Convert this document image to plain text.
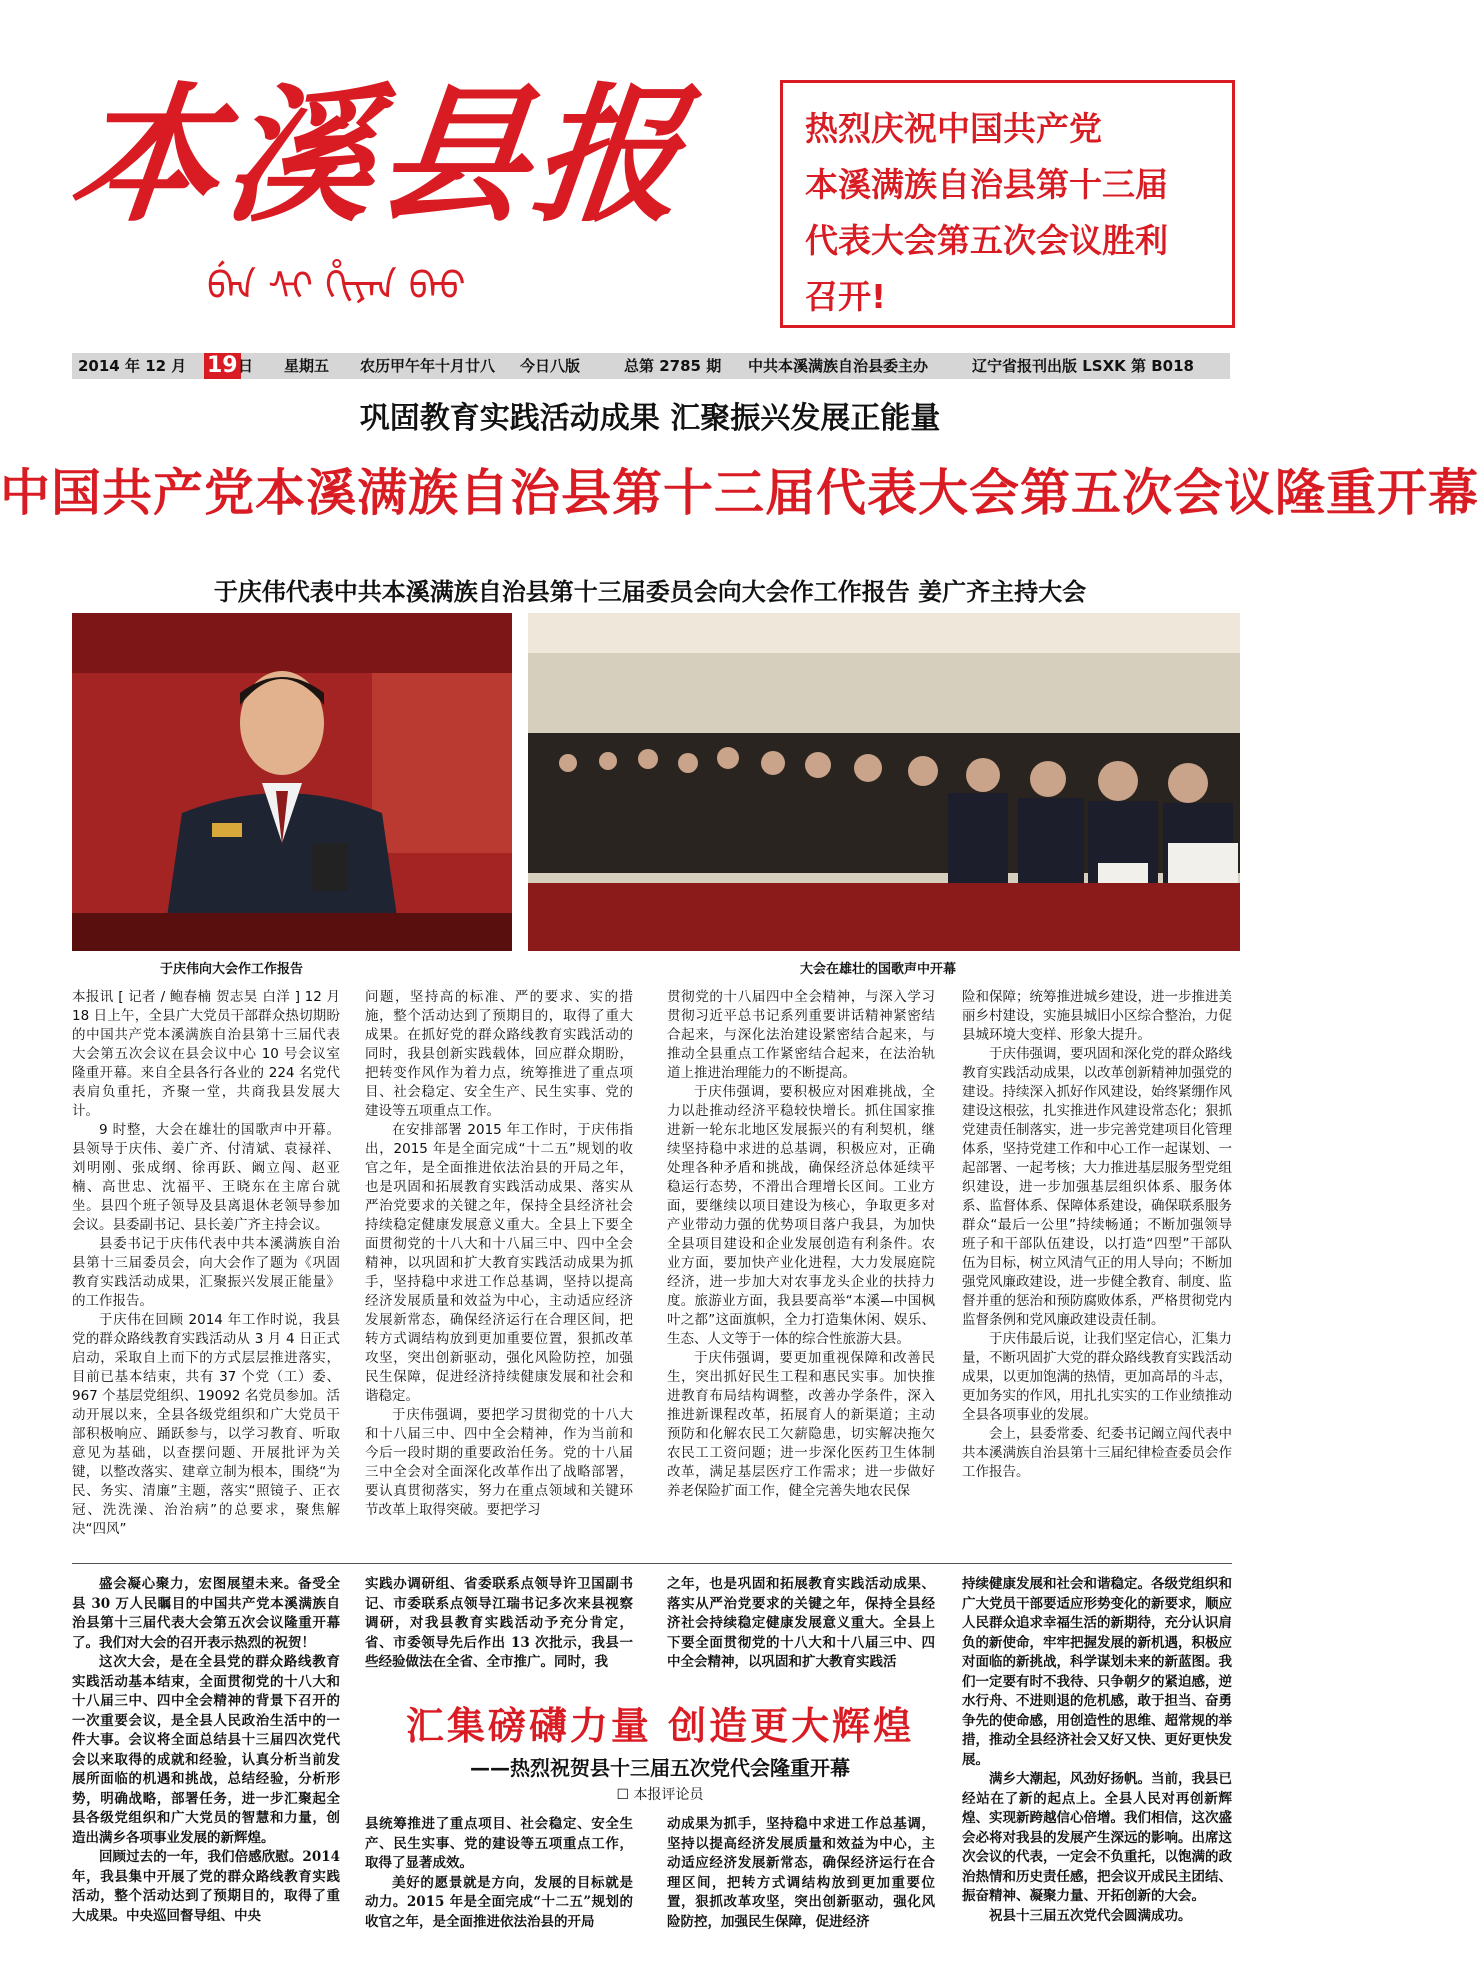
本溪县报
ᠪᡝᠨ ᠰᡳ ᡥᡳᠶᠠᠨ ᠪᠠᠣ

热烈庆祝中国共产党

本溪满族自治县第十三届

代表大会第五次会议胜利

召开!

2014 年 12 月 19 日 星期五 农历甲午年十月廿八 今日八版	总第 2785 期 中共本溪满族自治县委主办	辽宁省报刊出版 LSXK 第 B018
巩固教育实践活动成果 汇聚振兴发展正能量
中国共产党本溪满族自治县第十三届代表大会第五次会议隆重开幕
于庆伟代表中共本溪满族自治县第十三届委员会向大会作工作报告 姜广齐主持大会
于庆伟向大会作工作报告	大会在雄壮的国歌声中开幕

本报讯 [ 记者 / 鲍春楠 贺志昊 白洋 ] 12 月 18 日上午，全县广大党员干部群众热切期盼的中国共产党本溪满族自治县第十三届代表大会第五次会议在县会议中心 10 号会议室隆重开幕。来自全县各行各业的 224 名党代表肩负重托，齐聚一堂，共商我县发展大计。

9 时整，大会在雄壮的国歌声中开幕。县领导于庆伟、姜广齐、付清斌、袁禄祥、刘明刚、张成纲、徐再跃、阚立闯、赵亚楠、高世忠、沈福平、王晓东在主席台就坐。县四个班子领导及县离退休老领导参加会议。县委副书记、县长姜广齐主持会议。

县委书记于庆伟代表中共本溪满族自治县第十三届委员会，向大会作了题为《巩固教育实践活动成果，汇聚振兴发展正能量》的工作报告。

于庆伟在回顾 2014 年工作时说，我县党的群众路线教育实践活动从 3 月 4 日正式启动，采取自上而下的方式层层推进落实，目前已基本结束，共有 37 个党（工）委、967 个基层党组织、19092 名党员参加。活动开展以来，全县各级党组织和广大党员干部积极响应、踊跃参与，以学习教育、听取意见为基础，以查摆问题、开展批评为关键，以整改落实、建章立制为根本，围绕“为民、务实、清廉”主题，落实“照镜子、正衣冠、洗洗澡、治治病”的总要求，聚焦解决“四风”

问题，坚持高的标准、严的要求、实的措施，整个活动达到了预期目的，取得了重大成果。在抓好党的群众路线教育实践活动的同时，我县创新实践载体，回应群众期盼，把转变作风作为着力点，统筹推进了重点项目、社会稳定、安全生产、民生实事、党的建设等五项重点工作。

在安排部署 2015 年工作时，于庆伟指出，2015 年是全面完成“十二五”规划的收官之年，是全面推进依法治县的开局之年，也是巩固和拓展教育实践活动成果、落实从严治党要求的关键之年，保持全县经济社会持续稳定健康发展意义重大。全县上下要全面贯彻党的十八大和十八届三中、四中全会精神，以巩固和扩大教育实践活动成果为抓手，坚持稳中求进工作总基调，坚持以提高经济发展质量和效益为中心，主动适应经济发展新常态，确保经济运行在合理区间，把转方式调结构放到更加重要位置，狠抓改革攻坚，突出创新驱动，强化风险防控，加强民生保障，促进经济持续健康发展和社会和谐稳定。

于庆伟强调，要把学习贯彻党的十八大和十八届三中、四中全会精神，作为当前和今后一段时期的重要政治任务。党的十八届三中全会对全面深化改革作出了战略部署，要认真贯彻落实，努力在重点领域和关键环节改革上取得突破。要把学习

贯彻党的十八届四中全会精神，与深入学习贯彻习近平总书记系列重要讲话精神紧密结合起来，与深化法治建设紧密结合起来，与推动全县重点工作紧密结合起来，在法治轨道上推进治理能力的不断提高。

于庆伟强调，要积极应对困难挑战，全力以赴推动经济平稳较快增长。抓住国家推进新一轮东北地区发展振兴的有利契机，继续坚持稳中求进的总基调，积极应对，正确处理各种矛盾和挑战，确保经济总体延续平稳运行态势，不滑出合理增长区间。工业方面，要继续以项目建设为核心，争取更多对产业带动力强的优势项目落户我县，为加快全县项目建设和企业发展创造有利条件。农业方面，要加快产业化进程，大力发展庭院经济，进一步加大对农事龙头企业的扶持力度。旅游业方面，我县要高举“本溪—中国枫叶之都”这面旗帜，全力打造集休闲、娱乐、生态、人文等于一体的综合性旅游大县。

于庆伟强调，要更加重视保障和改善民生，突出抓好民生工程和惠民实事。加快推进教育布局结构调整，改善办学条件，深入推进新课程改革，拓展育人的新渠道；主动预防和化解农民工欠薪隐患，切实解决拖欠农民工工资问题；进一步深化医药卫生体制改革，满足基层医疗工作需求；进一步做好养老保险扩面工作，健全完善失地农民保

险和保障；统筹推进城乡建设，进一步推进美丽乡村建设，实施县城旧小区综合整治，力促县城环境大变样、形象大提升。

于庆伟强调，要巩固和深化党的群众路线教育实践活动成果，以改革创新精神加强党的建设。持续深入抓好作风建设，始终紧绷作风建设这根弦，扎实推进作风建设常态化；狠抓党建责任制落实，进一步完善党建项目化管理体系，坚持党建工作和中心工作一起谋划、一起部署、一起考核；大力推进基层服务型党组织建设，进一步加强基层组织体系、服务体系、监督体系、保障体系建设，确保联系服务群众“最后一公里”持续畅通；不断加强领导班子和干部队伍建设，以打造“四型”干部队伍为目标，树立风清气正的用人导向；不断加强党风廉政建设，进一步健全教育、制度、监督并重的惩治和预防腐败体系，严格贯彻党内监督条例和党风廉政建设责任制。

于庆伟最后说，让我们坚定信心，汇集力量，不断巩固扩大党的群众路线教育实践活动成果，以更加饱满的热情，更加高昂的斗志，更加务实的作风，用扎扎实实的工作业绩推动全县各项事业的发展。

会上，县委常委、纪委书记阚立闯代表中共本溪满族自治县第十三届纪律检查委员会作工作报告。

盛会凝心聚力，宏图展望未来。备受全县 30 万人民瞩目的中国共产党本溪满族自治县第十三届代表大会第五次会议隆重开幕了。我们对大会的召开表示热烈的祝贺！

这次大会，是在全县党的群众路线教育实践活动基本结束，全面贯彻党的十八大和十八届三中、四中全会精神的背景下召开的一次重要会议，是全县人民政治生活中的一件大事。会议将全面总结县十三届四次党代会以来取得的成就和经验，认真分析当前发展所面临的机遇和挑战，总结经验，分析形势，明确战略，部署任务，进一步汇聚起全县各级党组织和广大党员的智慧和力量，创造出满乡各项事业发展的新辉煌。

回顾过去的一年，我们倍感欣慰。2014 年，我县集中开展了党的群众路线教育实践活动，整个活动达到了预期目的，取得了重大成果。中央巡回督导组、中央

实践办调研组、省委联系点领导许卫国副书记、市委联系点领导江瑞书记多次来县视察调研，对我县教育实践活动予充分肯定，省、市委领导先后作出 13 次批示，我县一些经验做法在全省、全市推广。同时，我

之年，也是巩固和拓展教育实践活动成果、落实从严治党要求的关键之年，保持全县经济社会持续稳定健康发展意义重大。全县上下要全面贯彻党的十八大和十八届三中、四中全会精神，以巩固和扩大教育实践活

汇集磅礴力量 创造更大辉煌
——热烈祝贺县十三届五次党代会隆重开幕
☐ 本报评论员

县统筹推进了重点项目、社会稳定、安全生产、民生实事、党的建设等五项重点工作，取得了显著成效。

美好的愿景就是方向，发展的目标就是动力。2015 年是全面完成“十二五”规划的收官之年，是全面推进依法治县的开局

动成果为抓手，坚持稳中求进工作总基调，坚持以提高经济发展质量和效益为中心，主动适应经济发展新常态，确保经济运行在合理区间，把转方式调结构放到更加重要位置，狠抓改革攻坚，突出创新驱动，强化风险防控，加强民生保障，促进经济

持续健康发展和社会和谐稳定。各级党组织和广大党员干部要适应形势变化的新要求，顺应人民群众追求幸福生活的新期待，充分认识肩负的新使命，牢牢把握发展的新机遇，积极应对面临的新挑战，科学谋划未来的新蓝图。我们一定要有时不我待、只争朝夕的紧迫感，逆水行舟、不进则退的危机感，敢于担当、奋勇争先的使命感，用创造性的思维、超常规的举措，推动全县经济社会又好又快、更好更快发展。

满乡大潮起，风劲好扬帆。当前，我县已经站在了新的起点上。全县人民对再创新辉煌、实现新跨越信心倍增。我们相信，这次盛会必将对我县的发展产生深远的影响。出席这次会议的代表，一定会不负重托，以饱满的政治热情和历史责任感，把会议开成民主团结、振奋精神、凝聚力量、开拓创新的大会。

祝县十三届五次党代会圆满成功。
